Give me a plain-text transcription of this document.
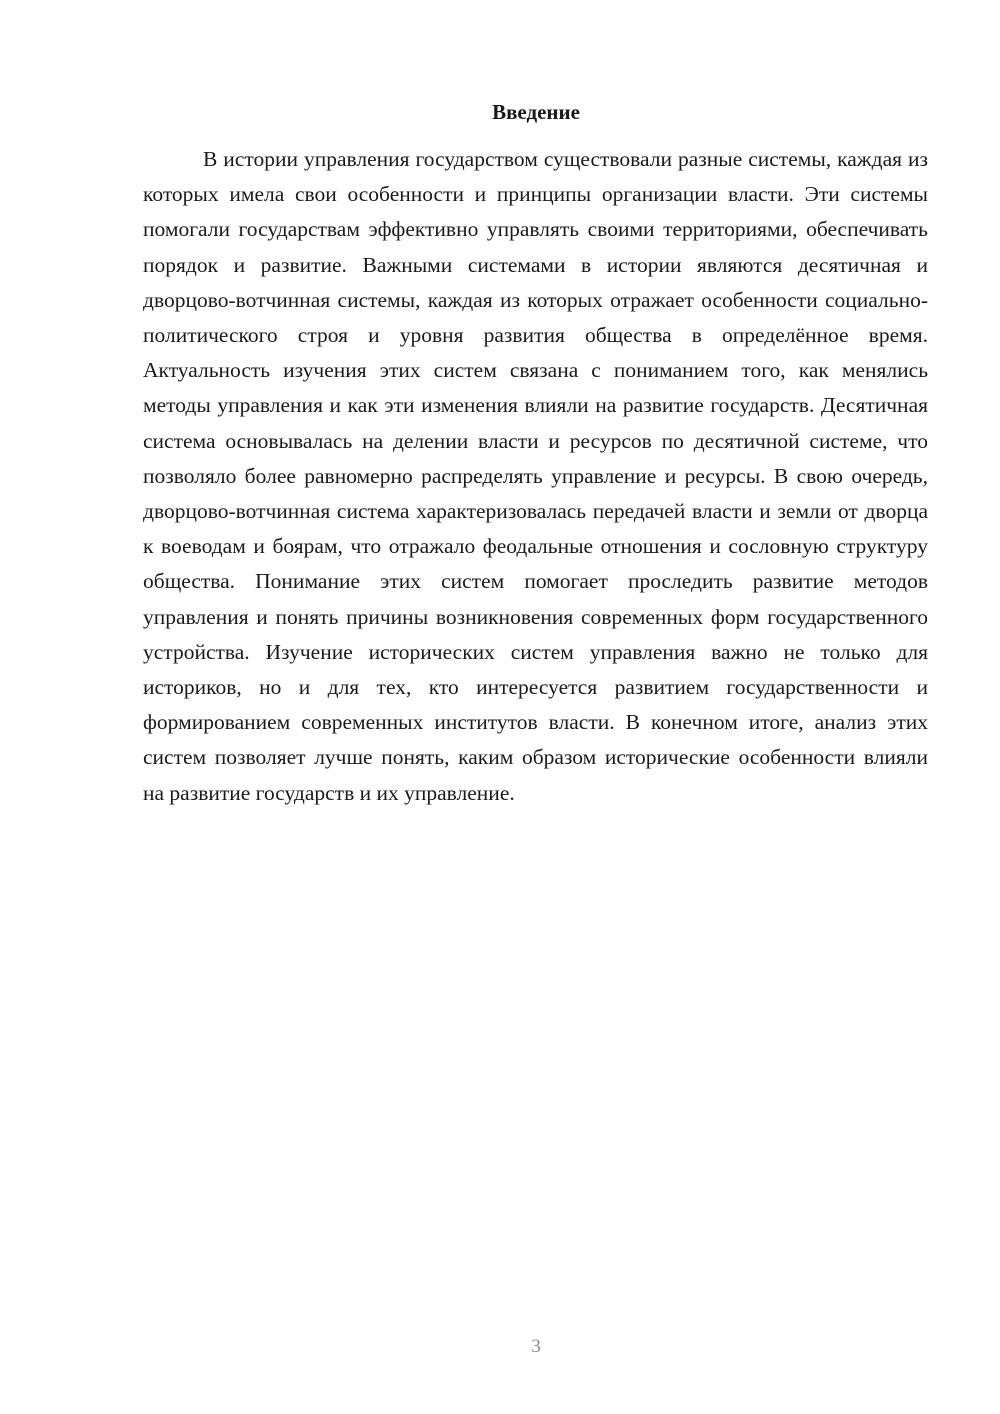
Введение

В истории управления государством существовали разные системы, каждая из которых имела свои особенности и принципы организации власти. Эти системы помогали государствам эффективно управлять своими территориями, обеспечивать порядок и развитие. Важными системами в истории являются десятичная и дворцово-вотчинная системы, каждая из которых отражает особенности социально-политического строя и уровня развития общества в определённое время. Актуальность изучения этих систем связана с пониманием того, как менялись методы управления и как эти изменения влияли на развитие государств. Десятичная система основывалась на делении власти и ресурсов по десятичной системе, что позволяло более равномерно распределять управление и ресурсы. В свою очередь, дворцово-вотчинная система характеризовалась передачей власти и земли от дворца к воеводам и боярам, что отражало феодальные отношения и сословную структуру общества. Понимание этих систем помогает проследить развитие методов управления и понять причины возникновения современных форм государственного устройства. Изучение исторических систем управления важно не только для историков, но и для тех, кто интересуется развитием государственности и формированием современных институтов власти. В конечном итоге, анализ этих систем позволяет лучше понять, каким образом исторические особенности влияли на развитие государств и их управление.

3
